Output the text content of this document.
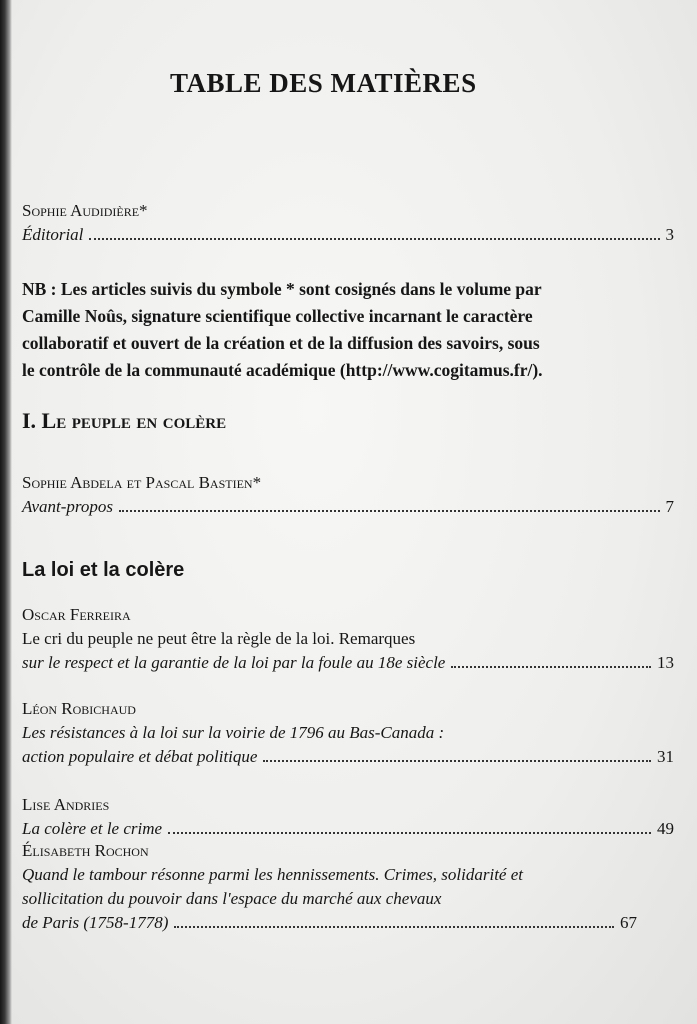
TABLE DES MATIÈRES
Sophie Audidière*
Éditorial	3
NB : Les articles suivis du symbole * sont cosignés dans le volume par
Camille Noûs, signature scientifique collective incarnant le caractère
collaboratif et ouvert de la création et de la diffusion des savoirs, sous
le contrôle de la communauté académique (http://www.cogitamus.fr/).
I. Le peuple en colère
Sophie Abdela et Pascal Bastien*
Avant-propos	7
La loi et la colère
Oscar Ferreira
Le cri du peuple ne peut être la règle de la loi. Remarques
sur le respect et la garantie de la loi par la foule au 18e siècle	13
Léon Robichaud
Les résistances à la loi sur la voirie de 1796 au Bas-Canada :
action populaire et débat politique	31
Lise Andries
La colère et le crime	49
Élisabeth Rochon
Quand le tambour résonne parmi les hennissements. Crimes, solidarité et
sollicitation du pouvoir dans l'espace du marché aux chevaux
de Paris (1758-1778)	67
